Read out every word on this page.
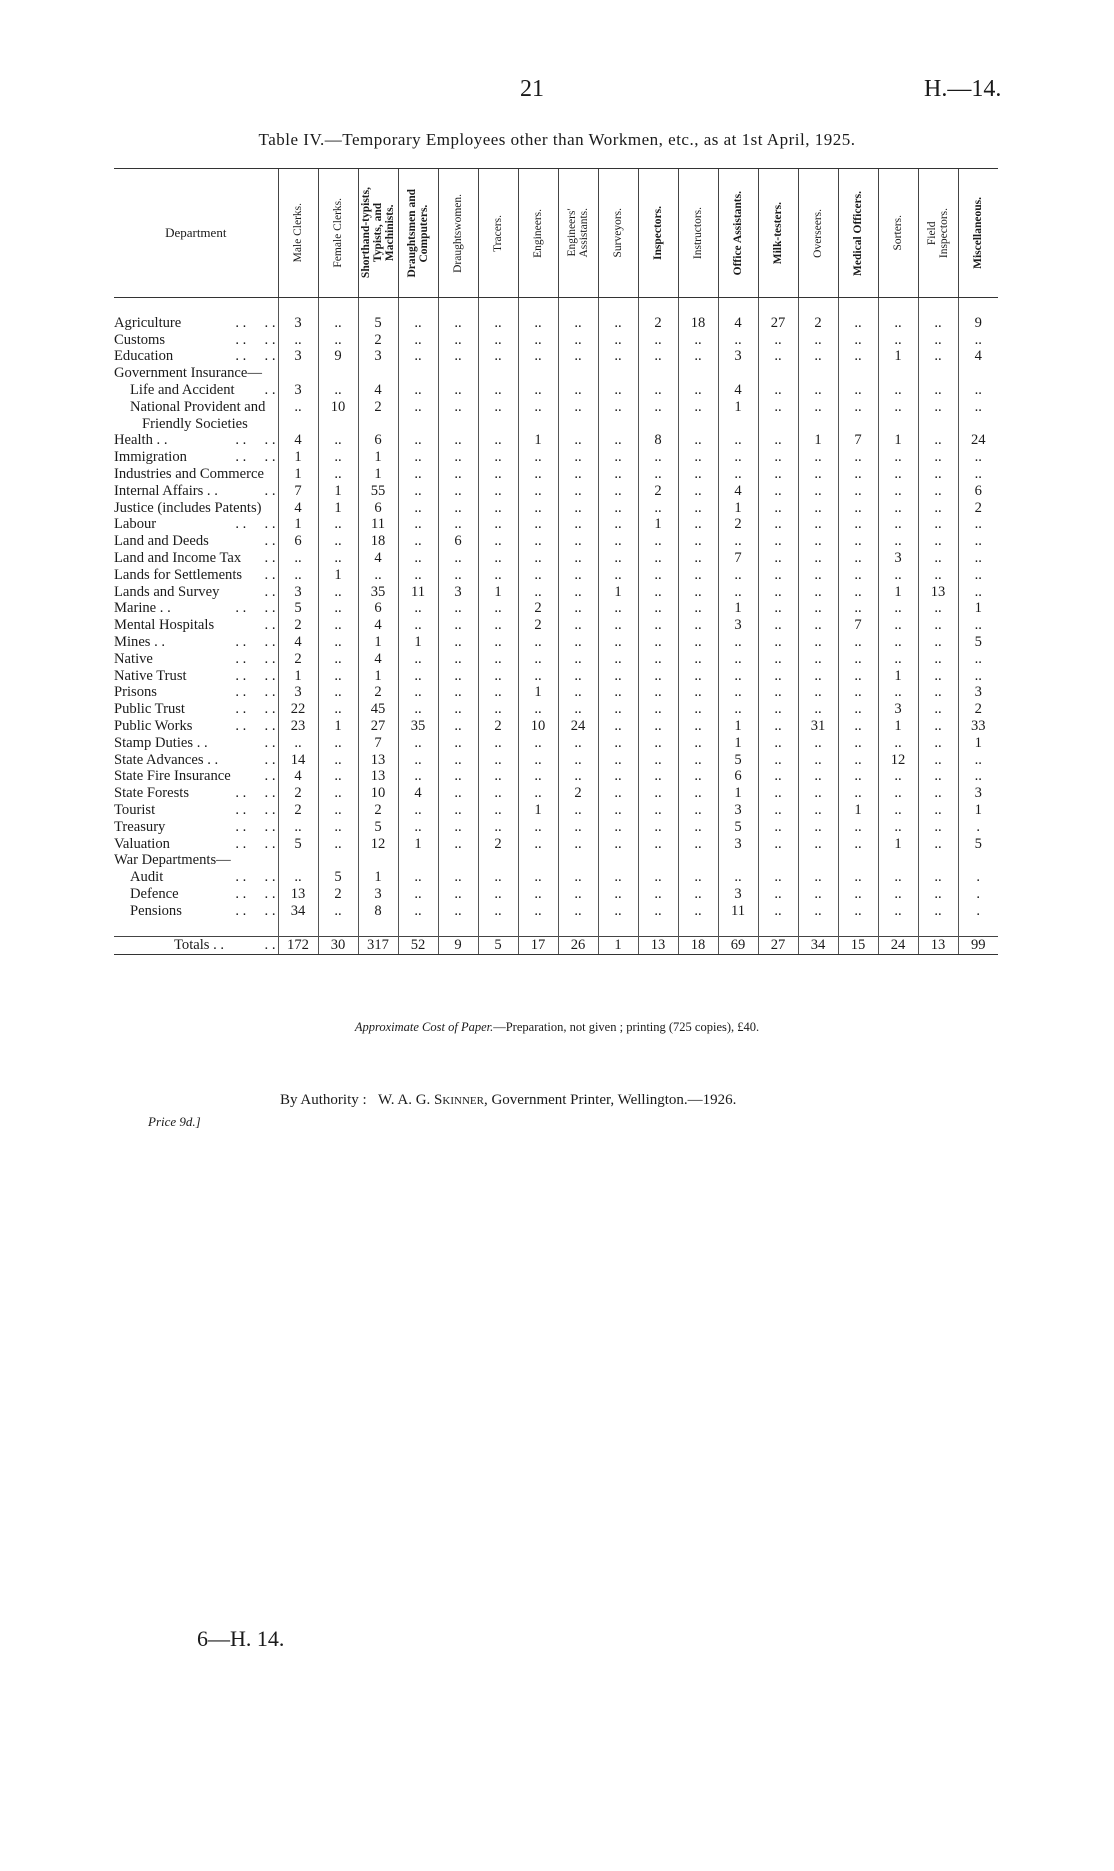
21	H.—14.
Table IV.—Temporary Employees other than Workmen, etc., as at 1st April, 1925.
Department	Male Clerks.	Female Clerks.	Shorthand-typists,
Typists, and
Machinists.	Draughtsmen and
Computers.	Draughtswomen.	Tracers.	Engineers.	Engineers'
Assistants.	Surveyors.	Inspectors.	Instructors.	Office Assistants.	Milk-testers.	Overseers.	Medical Officers.	Sorters.	Field
Inspectors.	Miscellaneous.

Agriculture . .     . .	3	..	5	..	..	..	..	..	..	2	18	4	27	2	..	..	..	9
Customs . .     . .	..	..	2	..	..	..	..	..	..	..	..	..	..	..	..	..	..	..
Education . .     . .	3	9	3	..	..	..	..	..	..	..	..	3	..	..	..	1	..	4
Government Insurance—																		
Life and Accident . .	3	..	4	..	..	..	..	..	..	..	..	4	..	..	..	..	..	..
National Provident and	..	10	2	..	..	..	..	..	..	..	..	1	..	..	..	..	..	..
Friendly Societies																		
Health . . . .     . .	4	..	6	..	..	..	1	..	..	8	..	..	..	1	7	1	..	24
Immigration . .     . .	1	..	1	..	..	..	..	..	..	..	..	..	..	..	..	..	..	..
Industries and Commerce	1	..	1	..	..	..	..	..	..	..	..	..	..	..	..	..	..	..
Internal Affairs . . . .	7	1	55	..	..	..	..	..	..	2	..	4	..	..	..	..	..	6
Justice (includes Patents)	4	1	6	..	..	..	..	..	..	..	..	1	..	..	..	..	..	2
Labour . .     . .	1	..	11	..	..	..	..	..	..	1	..	2	..	..	..	..	..	..
Land and Deeds . .	6	..	18	..	6	..	..	..	..	..	..	..	..	..	..	..	..	..
Land and Income Tax . .	..	..	4	..	..	..	..	..	..	..	..	7	..	..	..	3	..	..
Lands for Settlements . .	..	1	..	..	..	..	..	..	..	..	..	..	..	..	..	..	..	..
Lands and Survey . .	3	..	35	11	3	1	..	..	1	..	..	..	..	..	..	1	13	..
Marine . . . .     . .	5	..	6	..	..	..	2	..	..	..	..	1	..	..	..	..	..	1
Mental Hospitals . .	2	..	4	..	..	..	2	..	..	..	..	3	..	..	7	..	..	..
Mines . . . .     . .	4	..	1	1	..	..	..	..	..	..	..	..	..	..	..	..	..	5
Native . .     . .	2	..	4	..	..	..	..	..	..	..	..	..	..	..	..	..	..	..
Native Trust . .     . .	1	..	1	..	..	..	..	..	..	..	..	..	..	..	..	1	..	..
Prisons . .     . .	3	..	2	..	..	..	1	..	..	..	..	..	..	..	..	..	..	3
Public Trust . .     . .	22	..	45	..	..	..	..	..	..	..	..	..	..	..	..	3	..	2
Public Works . .     . .	23	1	27	35	..	2	10	24	..	..	..	1	..	31	..	1	..	33
Stamp Duties . . . .	..	..	7	..	..	..	..	..	..	..	..	1	..	..	..	..	..	1
State Advances . . . .	14	..	13	..	..	..	..	..	..	..	..	5	..	..	..	12	..	..
State Fire Insurance . .	4	..	13	..	..	..	..	..	..	..	..	6	..	..	..	..	..	..
State Forests . .     . .	2	..	10	4	..	..	..	2	..	..	..	1	..	..	..	..	..	3
Tourist . .     . .	2	..	2	..	..	..	1	..	..	..	..	3	..	..	1	..	..	1
Treasury . .     . .	..	..	5	..	..	..	..	..	..	..	..	5	..	..	..	..	..	.
Valuation . .     . .	5	..	12	1	..	2	..	..	..	..	..	3	..	..	..	1	..	5
War Departments—																		
Audit . .     . .	..	5	1	..	..	..	..	..	..	..	..	..	..	..	..	..	..	.
Defence . .     . .	13	2	3	..	..	..	..	..	..	..	..	3	..	..	..	..	..	.
Pensions . .     . .	34	..	8	..	..	..	..	..	..	..	..	11	..	..	..	..	..	.

Totals . . . .	172	30	317	52	9	5	17	26	1	13	18	69	27	34	15	24	13	99
Approximate Cost of Paper.—Preparation, not given ; printing (725 copies), £40.
By Authority : W. A. G. Skinner, Government Printer, Wellington.—1926.
Price 9d.]
6—H. 14.
